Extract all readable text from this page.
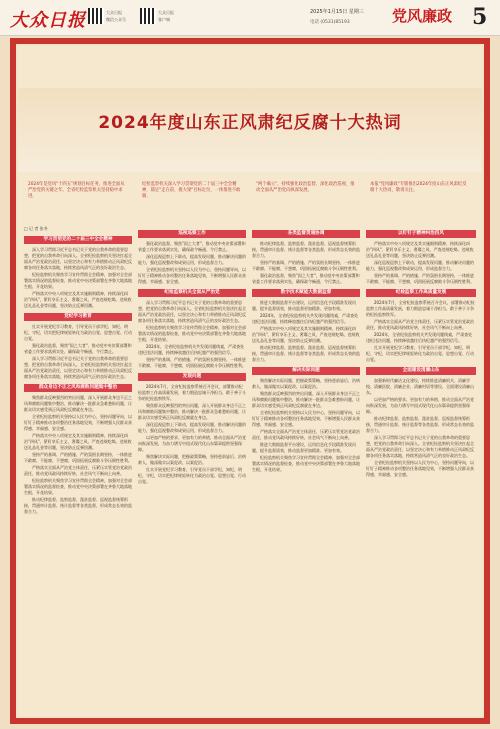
大众日报	大众日报
微信公众号
大众日报
客户端
2025年1月15日 星期三
电话 (0531)85193	党风廉政 5
2024年度山东正风肃纪反腐十大热词
2024年是党风"十四五"规划目标任务，推进全面从严治党的关键之年。全省纪检监察机关坚持稳中求进，
纪检监察机关深入学习贯彻党的二十届三中全会精神，锚定"走在前、挑大梁"目标定位，一体推进不敢腐、
"两个确立"，持续强化政治监督，深化政治巡视，推动全面从严治党向纵深发展，
本报"党风廉政"专版推出2024年度山东正风肃纪反腐十大热词，敬请关注。
□ 记 者 张冬
学习贯彻党的二十届三中全会精神

深入学习贯彻习近平总书记关于党的自我革命的重要思想，把党的自我革命引向深入。全省纪检监察机关坚决扛起全面从严治党政治责任，以坚定决心和有力举措推动正风肃纪反腐各项任务落实落地，持续营造风清气正的良好政治生态。

纪检监察机关聚焦学习宣传贯彻全会精神，加强对全会部署落实情况的监督检查，推动党中央决策部署在齐鲁大地落地生根、开花结果。

严格落实中央八项规定及其实施细则精神，持续深化纠治"四风"，紧盯享乐主义、奢靡之风，严查违规吃喝、违规收送礼品礼金等问题，坚决防止反弹回潮。

党纪学习教育

扎实开展党纪学习教育，引导党员干部学纪、知纪、明纪、守纪，切实把纪律规矩转化为政治自觉、思想自觉、行动自觉。

强化政治监督，聚焦"国之大者"，推动党中央决策部署和省委工作要求落到实处，确保政令畅通、令行禁止。

深入学习贯彻习近平总书记关于党的自我革命的重要思想，把党的自我革命引向深入。全省纪检监察机关坚决扛起全面从严治党政治责任，以坚定决心和有力举措推动正风肃纪反腐各项任务落实落地，持续营造风清气正的良好政治生态。

群众身边不正之风和腐败问题集中整治

聚焦群众反映强烈的突出问题，深入开展群众身边不正之风和腐败问题集中整治，推动解决一批群众急难愁盼问题，让群众切实感受到正风肃纪反腐就在身边。

全省纪检监察机关坚持以人民为中心，坚持问题导向，以钉钉子精神推动各项整治任务落地见效，不断增强人民群众获得感、幸福感、安全感。

严格落实中央八项规定及其实施细则精神，持续深化纠治"四风"，紧盯享乐主义、奢靡之风，严查违规吃喝、违规收送礼品礼金等问题，坚决防止反弹回潮。

坚持严的基调、严的措施、严的氛围长期坚持，一体推进不敢腐、不能腐、不想腐，巩固拓展反腐败斗争压倒性胜利。

严格落实全面从严治党主体责任，压紧压实管党治党政治责任，推动党风政风持续好转，社会风气不断向上向善。

纪检监察机关聚焦学习宣传贯彻全会精神，加强对全会部署落实情况的监督检查，推动党中央决策部署在齐鲁大地落地生根、开花结果。

推动纪律监督、监察监督、派驻监督、巡视监督统筹衔接，贯通审计监督、统计监督等各类监督，形成常态长效的监督合力。

巡视巡察工作

强化政治监督，聚焦"国之大者"，推动党中央决策部署和省委工作要求落到实处，确保政令畅通、令行禁止。

深化巡视巡察上下联动，提高发现问题、推动解决问题的能力，强化巡视整改和成果运用，形成监督合力。

全省纪检监察机关坚持以人民为中心，坚持问题导向，以钉钉子精神推动各项整治任务落地见效，不断增强人民群众获得感、幸福感、安全感。

纪检监察机关全面从严治党

深入学习贯彻习近平总书记关于党的自我革命的重要思想，把党的自我革命引向深入。全省纪检监察机关坚决扛起全面从严治党政治责任，以坚定决心和有力举措推动正风肃纪反腐各项任务落实落地，持续营造风清气正的良好政治生态。

纪检监察机关聚焦学习宣传贯彻全会精神，加强对全会部署落实情况的监督检查，推动党中央决策部署在齐鲁大地落地生根、开花结果。

2024年，全省纪检监察机关共发现问题线索，严肃查处违纪违法问题，持续释放越往后执纪越严的强烈信号。

坚持严的基调、严的措施、严的氛围长期坚持，一体推进不敢腐、不能腐、不想腐，巩固拓展反腐败斗争压倒性胜利。

发现问题

2024年7月，全省纪检监察系统召开会议，部署推动纪检监察工作高质量发展，着力锻造忠诚干净担当、敢于善于斗争的纪检监察铁军。

聚焦群众反映强烈的突出问题，深入开展群众身边不正之风和腐败问题集中整治，推动解决一批群众急难愁盼问题，让群众切实感受到正风肃纪反腐就在身边。

深化巡视巡察上下联动，提高发现问题、推动解决问题的能力，强化巡视整改和成果运用，形成监督合力。

以更加严格的要求、更加有力的举措，推动全面从严治党向纵深发展，为奋力谱写中国式现代化山东篇章提供坚强保障。

聚焦解决实际问题，把握政策策略，坚持惩前毖后、治病救人，做深做实以案促改、以案促治。

扎实开展党纪学习教育，引导党员干部学纪、知纪、明纪、守纪，切实把纪律规矩转化为政治自觉、思想自觉、行动自觉。

各类监督贯通协调

推动纪律监督、监察监督、派驻监督、巡视监督统筹衔接，贯通审计监督、统计监督等各类监督，形成常态长效的监督合力。

坚持严的基调、严的措施、严的氛围长期坚持，一体推进不敢腐、不能腐、不想腐，巩固拓展反腐败斗争压倒性胜利。

强化政治监督，聚焦"国之大者"，推动党中央决策部署和省委工作要求落到实处，确保政令畅通、令行禁止。

数字技术赋能大数据监督

推进大数据监督平台建设，运用信息化手段精准发现问题，提升监督质效，推动监督更加精准、更加有效。

2024年，全省纪检监察机关共发现问题线索，严肃查处违纪违法问题，持续释放越往后执纪越严的强烈信号。

严格落实中央八项规定及其实施细则精神，持续深化纠治"四风"，紧盯享乐主义、奢靡之风，严查违规吃喝、违规收送礼品礼金等问题，坚决防止反弹回潮。

推动纪律监督、监察监督、派驻监督、巡视监督统筹衔接，贯通审计监督、统计监督等各类监督，形成常态长效的监督合力。

解决实际问题

聚焦解决实际问题，把握政策策略，坚持惩前毖后、治病救人，做深做实以案促改、以案促治。

聚焦群众反映强烈的突出问题，深入开展群众身边不正之风和腐败问题集中整治，推动解决一批群众急难愁盼问题，让群众切实感受到正风肃纪反腐就在身边。

全省纪检监察机关坚持以人民为中心，坚持问题导向，以钉钉子精神推动各项整治任务落地见效，不断增强人民群众获得感、幸福感、安全感。

严格落实全面从严治党主体责任，压紧压实管党治党政治责任，推动党风政风持续好转，社会风气不断向上向善。

推进大数据监督平台建设，运用信息化手段精准发现问题，提升监督质效，推动监督更加精准、更加有效。

纪检监察机关聚焦学习宣传贯彻全会精神，加强对全会部署落实情况的监督检查，推动党中央决策部署在齐鲁大地落地生根、开花结果。

以钉钉子精神纠治四风

严格落实中央八项规定及其实施细则精神，持续深化纠治"四风"，紧盯享乐主义、奢靡之风，严查违规吃喝、违规收送礼品礼金等问题，坚决防止反弹回潮。

深化巡视巡察上下联动，提高发现问题、推动解决问题的能力，强化巡视整改和成果运用，形成监督合力。

坚持严的基调、严的措施、严的氛围长期坚持，一体推进不敢腐、不能腐、不想腐，巩固拓展反腐败斗争压倒性胜利。

纪检监察工作高质量发展

2024年7月，全省纪检监察系统召开会议，部署推动纪检监察工作高质量发展，着力锻造忠诚干净担当、敢于善于斗争的纪检监察铁军。

严格落实全面从严治党主体责任，压紧压实管党治党政治责任，推动党风政风持续好转，社会风气不断向上向善。

2024年，全省纪检监察机关共发现问题线索，严肃查处违纪违法问题，持续释放越往后执纪越严的强烈信号。

扎实开展党纪学习教育，引导党员干部学纪、知纪、明纪、守纪，切实把纪律规矩转化为政治自觉、思想自觉、行动自觉。

全面建设清廉山东

加强新时代廉洁文化建设，持续推进清廉机关、清廉学校、清廉医院、清廉企业、清廉村居等建设，全面建设清廉山东。

以更加严格的要求、更加有力的举措，推动全面从严治党向纵深发展，为奋力谱写中国式现代化山东篇章提供坚强保障。

推动纪律监督、监察监督、派驻监督、巡视监督统筹衔接，贯通审计监督、统计监督等各类监督，形成常态长效的监督合力。

深入学习贯彻习近平总书记关于党的自我革命的重要思想，把党的自我革命引向深入。全省纪检监察机关坚决扛起全面从严治党政治责任，以坚定决心和有力举措推动正风肃纪反腐各项任务落实落地，持续营造风清气正的良好政治生态。

全省纪检监察机关坚持以人民为中心，坚持问题导向，以钉钉子精神推动各项整治任务落地见效，不断增强人民群众获得感、幸福感、安全感。
